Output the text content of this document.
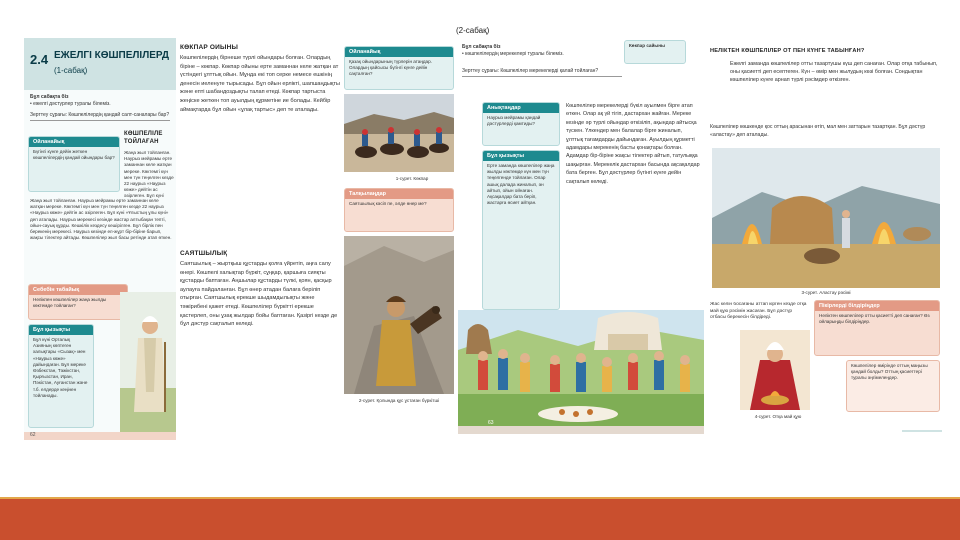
(2-сабақ)
2.4 ЕЖЕЛГІ КӨШПЕЛІЛЕРД
(1-сабақ)
Бұл сабақта біз
• ежелгі дәстүрлер туралы білеміз.
Зерттеу сұрағы: Көшпелілердің қандай салт-саналары бар?
Ойланайық
Бүгінгі күнге дейін жеткен көшпелілердің қандай ойындары бар?
КӨШПЕЛІЛЕ ТОЙЛАҒАН
Жаңа жыл тойланған. Наурыз мейрамы ерте заманнан келе жатқан мереке. Көктемгі күн мен түн теңелген кезде 22 наурыз «Наурыз көже» дейтін ас әзірлеген. Бұл күні
Жаңа жыл тойланған. Наурыз мейрамы ерте заманнан келе жатқан мереке. Көктемгі күн мен түн теңелген кезде 22 наурыз «Наурыз көже» дейтін ас әзірлеген. Бұл күні «Ұлыстың ұлы күні» деп аталады. Наурыз мерекесі кезінде жастар алтыбақан тепті, ойын-сауық құрды. Кешкілік кездесу кешірілген. Бұл бірлік пен берекенің мерекесі. Наурыз кезінде ел-жұрт бір-біріне барып, жақсы тілектер айтады. Көшпелілер жыл басы ретінде атап өткен.
Себебін табайық
Нелікпен көшпелілер жаңа жылды көктемде тойлаған?
Бұл қызықты
Бұл күні Орталық Азияның көптеген халықтары «Сызақ» мен «Наурыз көже» дайындаған. Бұл мереке Өзбекстан, Тәжікстан, Қырғызстан, Иран, Пәкістан, Ауғанстан және т.б. елдерде кеңінен тойланады.
62
КӨКПАР ОЙЫНЫ
Көшпелілердің бірнеше түрлі ойындары болған. Олардың біріне – көкпар. Көкпар ойыны ерте заманнан келе жатқан ат үстіндегі ұлттық ойын. Мұнда екі топ серке немесе ешкінің денесін иеленуге тырысады. Бұл ойын ерлікті, шапшаңдықты және епті шабандоздықты талап етеді. Көкпар тартыста жеңіске жеткен топ ауылдың құрметіне ие болады. Кейбір аймақтарда бұл ойын «ұлақ тартыс» деп те аталады.
Ойланайық
Қазақ ойындарының түрлерін атаңдар. Олардың қайсысы бүгінгі күнге дейін сақталған?
1-сурет. Көкпар
Талқылаңдар
Саятшылық кәсіп пе, әлде өнер ме?
САЯТШЫЛЫҚ
Саятшылық – жыртқыш құстарды қолға үйретіп, аңға салу өнері. Көшпелі халықтар бүркіт, сұңқар, қаршыға сияқты құстарды баптаған. Аңшылар құстарды түлкі, қоян, қасқыр аулауға пайдаланған. Бұл өнер атадан балаға беріліп отырған. Саятшылық ерекше шыдамдылықты және тәжірибені қажет етеді. Көшпелілер бүркітті ерекше қастерлеп, оны ұзақ жылдар бойы баптаған. Қазіргі кезде де бұл дәстүр сақталып келеді.
2-сурет. Қолында құс ұстаған бүркітші
Бұл сабақта біз
• көшпелілердің мерекелері туралы білеміз.
Зерттеу сұрағы: Көшпелілер мерекелерді қалай тойлаған?
Көкпар сайыны
Анықтаңдар
Наурыз мейрамы қандай дәстүрлерді қамтиды?
Бұл қызықты
Ерте заманда көшпелілер жаңа жылды көктемде күн мен түн теңелгенде тойлаған. Олар ашық далада жиналып, ән айтып, ойын ойнаған. Ақсақалдар бата беріп, жастарға өсиет айтқан.
Көшпелілер мерекелерді бүкіл ауылмен бірге атап өткен. Олар ақ үй тігіп, дастархан жайған. Мереке кезінде әр түрлі ойындар өткізіліп, ақындар айтысқа түскен. Үлкендер мен балалар бірге жиналып, ұлттық тағамдарды дайындаған. Ауылдың құрметті адамдары мерекенің басты қонақтары болған. Адамдар бір-біріне жақсы тілектер айтып, татулыққа шақырған. Мерекелік дастархан басында ақсақалдар бата берген. Бұл дәстүрлер бүгінгі күнге дейін сақталып келеді.
63
НЕЛІКТЕН КӨШПЕЛІЛЕР ОТ ПЕН КҮНГЕ ТАБЫНҒАН?
Ежелгі заманда көшпелілер отты тазартушы күш деп санаған. Олар отқа табынып, оны қасиетті деп есептеген. Күн – өмір мен жылудың көзі болған. Сондықтан көшпелілер күнге арнап түрлі рәсімдер өткізген.
Көшпелілер көшкенде қос оттың арасынан өтіп, мал мен заттарын тазартқан. Бұл дәстүр «аластау» деп аталады.
3-сурет. Аластау рәсімі
Жас келін босағаны аттап кірген кезде отқа май құю рәсімін жасаған. Бұл дәстүр отбасы берекесін білдіреді.
4-сурет. Отқа май құю
Пікірлерді білдіріңдер
Неліктен көшпелілер отты қасиетті деп санаған? Өз ойларыңды білдіріңдер.
Көшпелілер өмірінде оттың маңызы қандай болды? Оттың қасиеттері туралы әңгімелеңдер.
